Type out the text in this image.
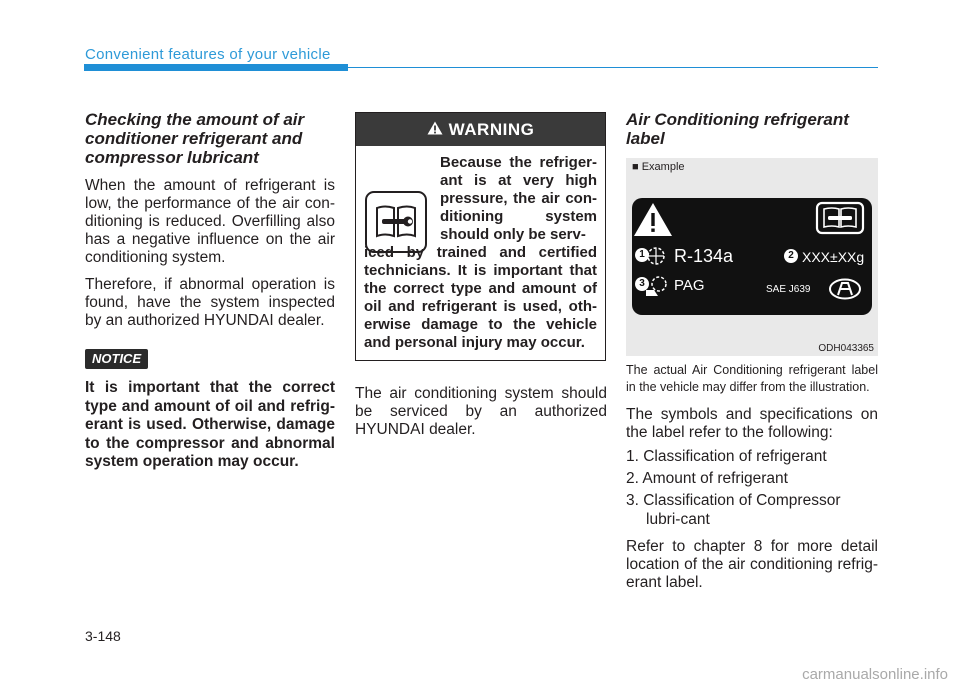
Convenient features of your vehicle
Checking the amount of air conditioner refrigerant and compressor lubricant

When the amount of refrigerant is low, the performance of the air con-ditioning is reduced. Overfilling also has a negative influence on the air conditioning system.

Therefore, if abnormal operation is found, have the system inspected by an authorized HYUNDAI dealer.

NOTICE

It is important that the correct type and amount of oil and refrig-erant is used. Otherwise, damage to the compressor and abnormal system operation may occur.

WARNING
Because the refriger-ant is at very high pressure, the air con-ditioning system should only be serv-
iced by trained and certified technicians. It is important that the correct type and amount of oil and refrigerant is used, oth-erwise damage to the vehicle and personal injury may occur.

The air conditioning system should be serviced by an authorized HYUNDAI dealer.

Air Conditioning refrigerant label
■ Example
1 R-134a	2 XXX±XXg
3 PAG	SAE J639
ODH043365

The actual Air Conditioning refrigerant label in the vehicle may differ from the illustration.

The symbols and specifications on the label refer to the following:

1. Classification of refrigerant
2. Amount of refrigerant
3. Classification of Compressor lubri-cant

Refer to chapter 8 for more detail location of the air conditioning refrig-erant label.

3-148

carmanualsonline.info
